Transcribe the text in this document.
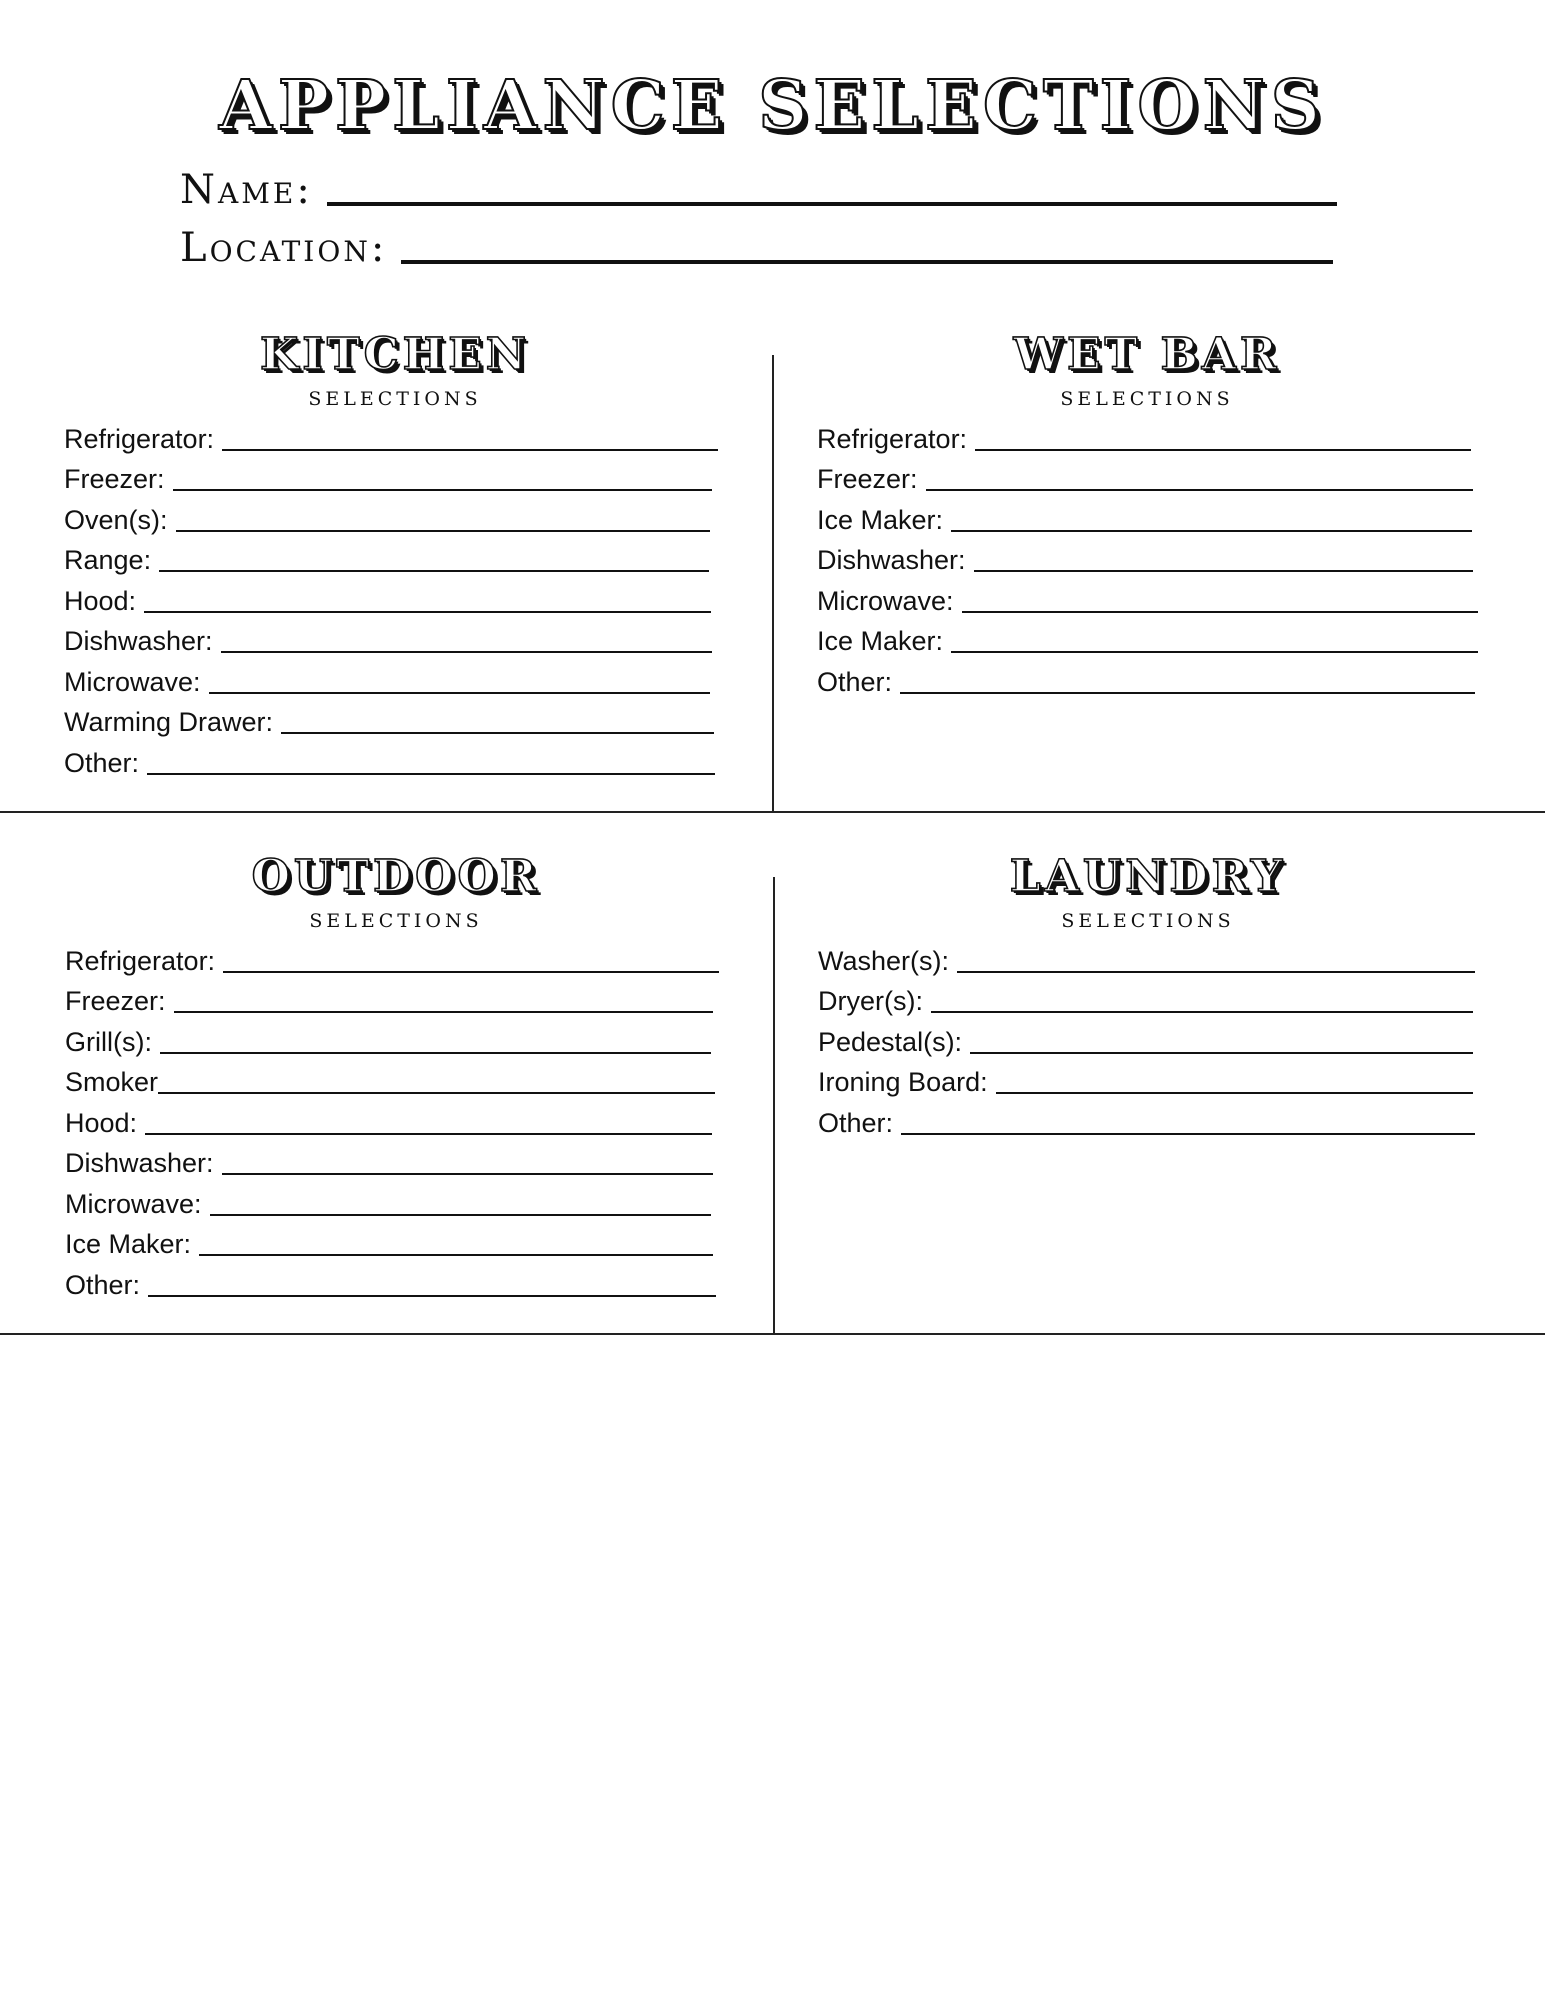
APPLIANCE SELECTIONS
Name:
Location:
KITCHEN
SELECTIONS
Refrigerator:
Freezer:
Oven(s):
Range:
Hood:
Dishwasher:
Microwave:
Warming Drawer:
Other:
WET BAR
SELECTIONS
Refrigerator:
Freezer:
Ice Maker:
Dishwasher:
Microwave:
Ice Maker:
Other:
OUTDOOR
SELECTIONS
Refrigerator:
Freezer:
Grill(s):
Smoker
Hood:
Dishwasher:
Microwave:
Ice Maker:
Other:
LAUNDRY
SELECTIONS
Washer(s):
Dryer(s):
Pedestal(s):
Ironing Board:
Other:
